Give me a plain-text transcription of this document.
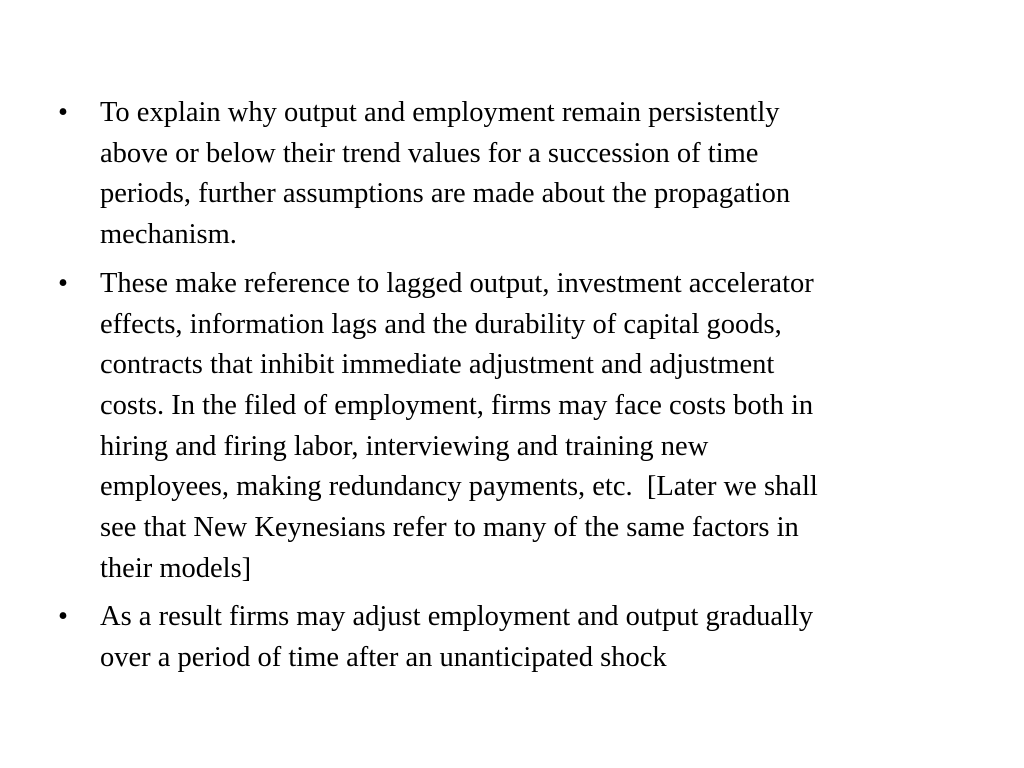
•	To explain why output and employment remain persistently
above or below their trend values for a succession of time
periods, further assumptions are made about the propagation
mechanism.
•	These make reference to lagged output, investment accelerator
effects, information lags and the durability of capital goods,
contracts that inhibit immediate adjustment and adjustment
costs. In the filed of employment, firms may face costs both in
hiring and firing labor, interviewing and training new
employees, making redundancy payments, etc.  [Later we shall
see that New Keynesians refer to many of the same factors in
their models]
•	As a result firms may adjust employment and output gradually
over a period of time after an unanticipated shock
